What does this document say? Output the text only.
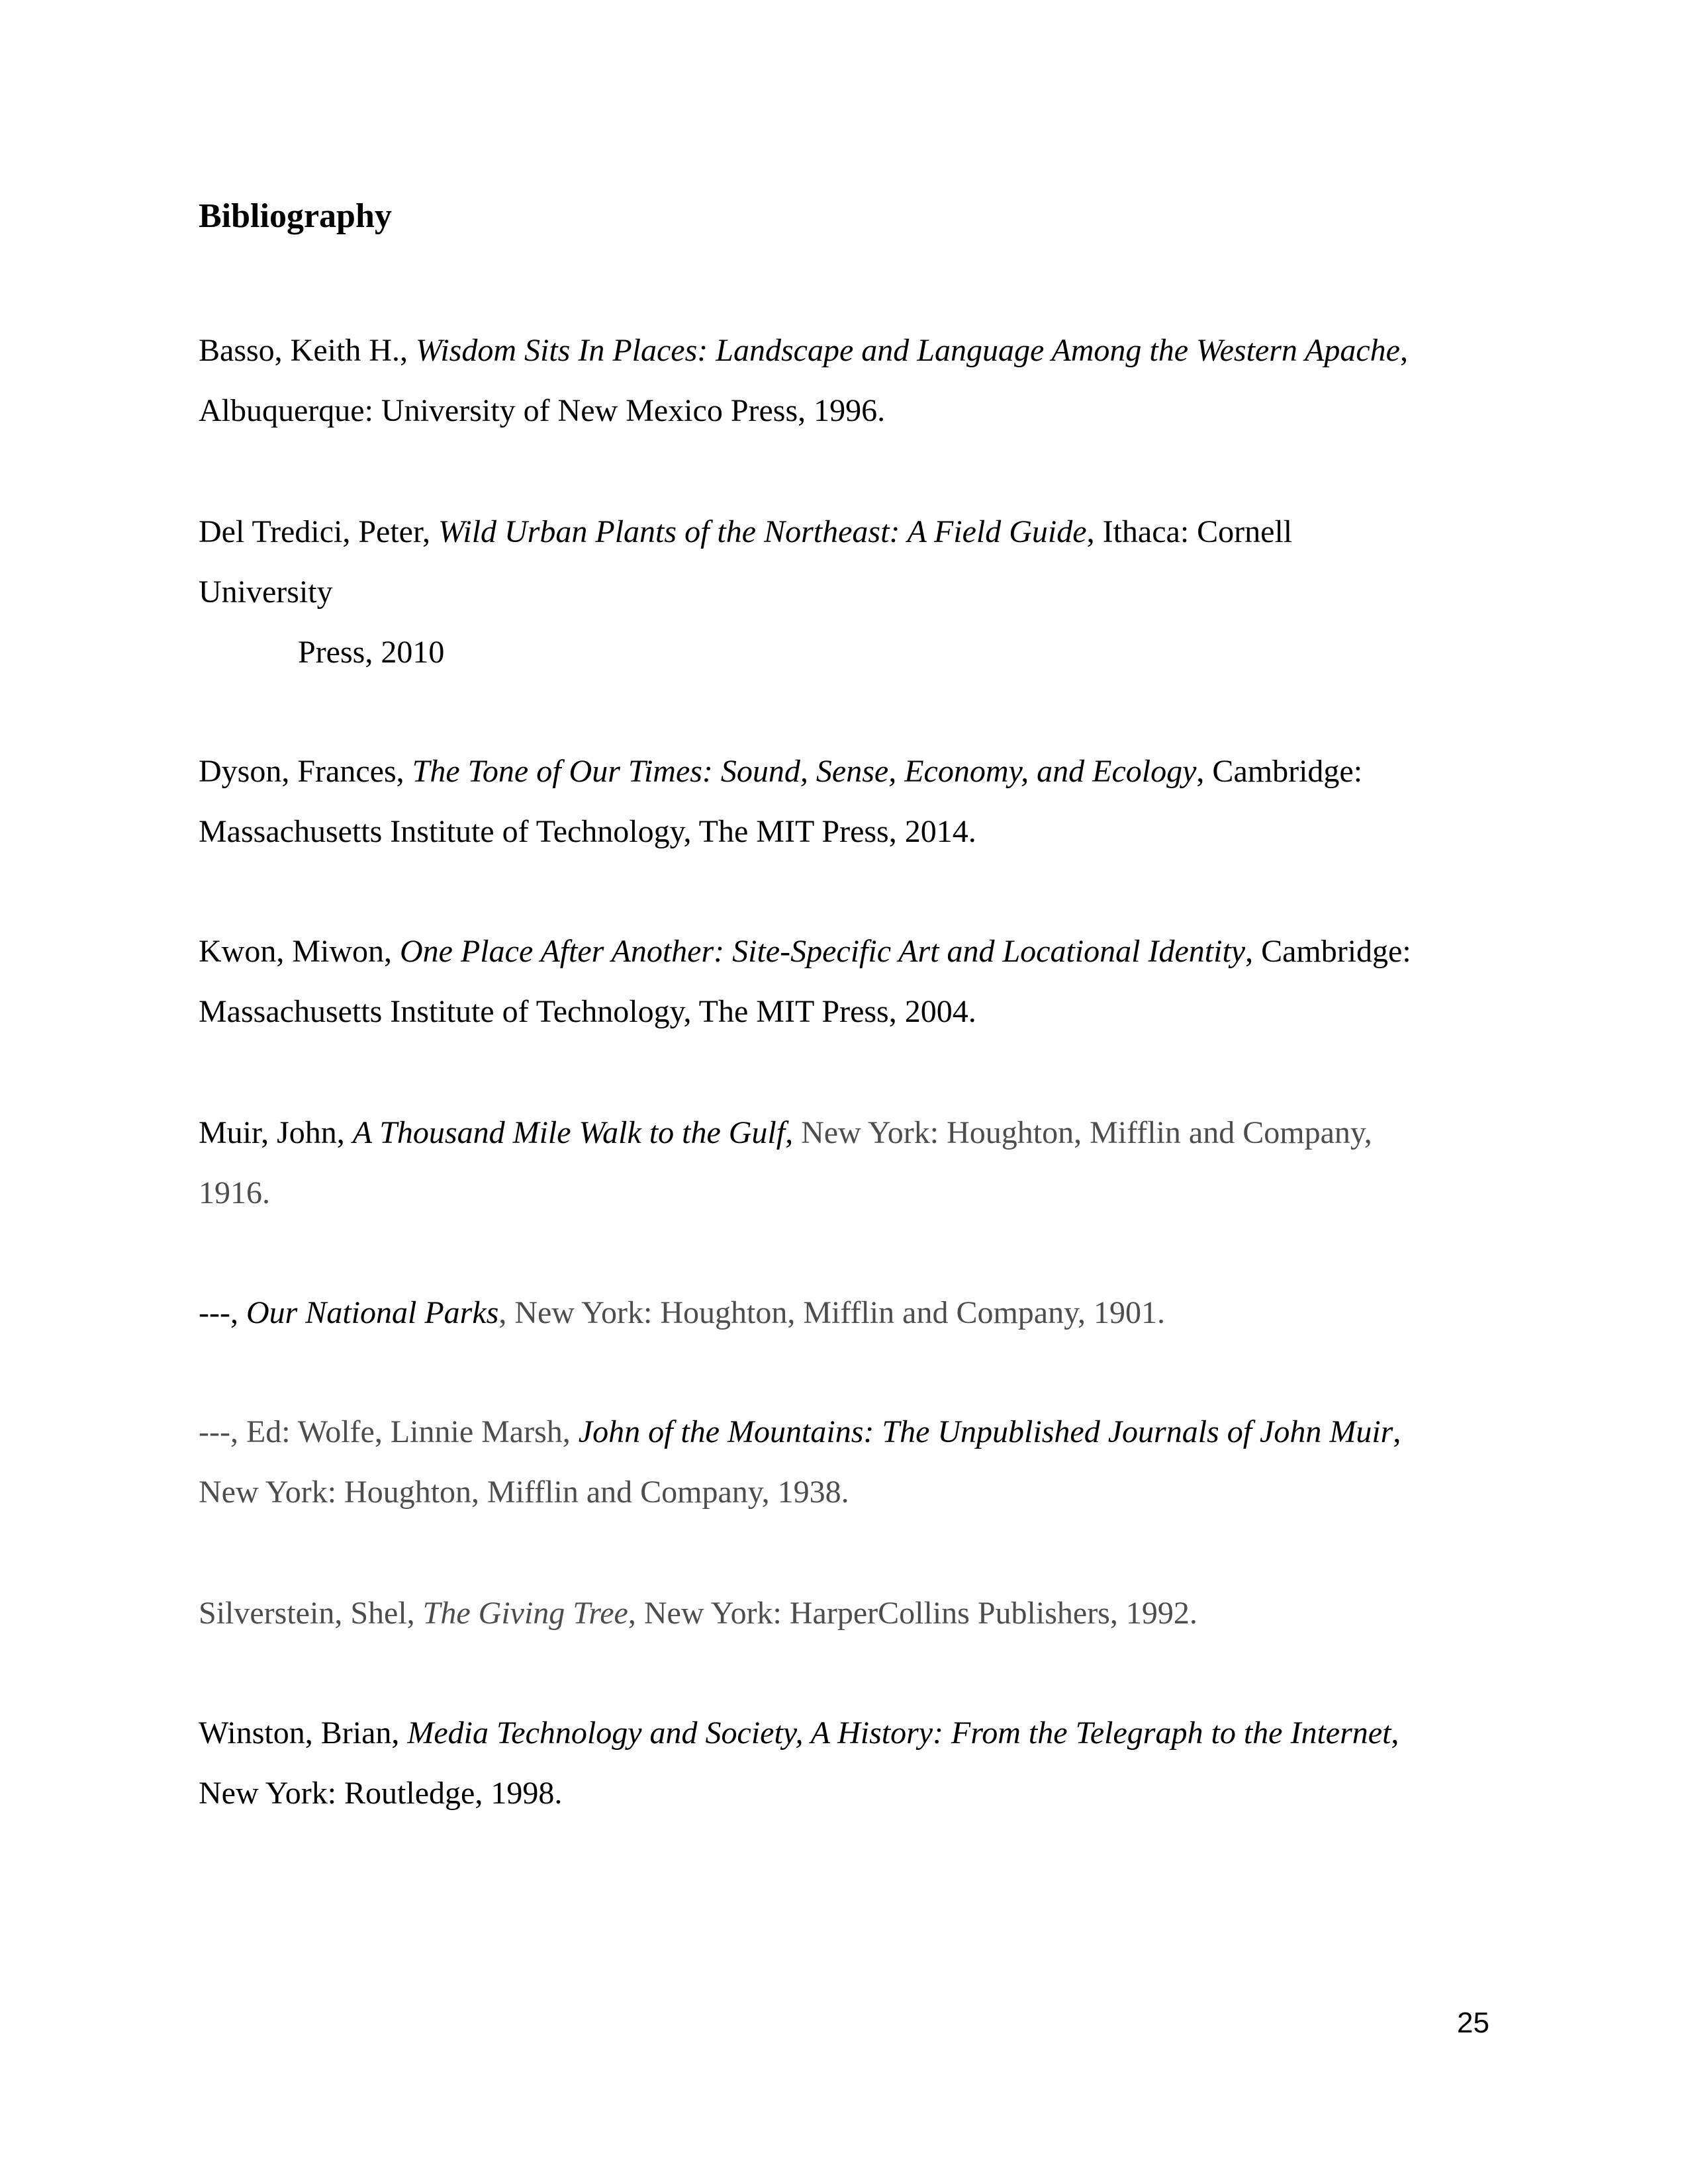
Bibliography

Basso, Keith H., Wisdom Sits In Places: Landscape and Language Among the Western Apache,
Albuquerque: University of New Mexico Press, 1996.

Del Tredici, Peter, Wild Urban Plants of the Northeast: A Field Guide, Ithaca: Cornell
University
Press, 2010

Dyson, Frances, The Tone of Our Times: Sound, Sense, Economy, and Ecology, Cambridge:
Massachusetts Institute of Technology, The MIT Press, 2014.

Kwon, Miwon, One Place After Another: Site-Specific Art and Locational Identity, Cambridge:
Massachusetts Institute of Technology, The MIT Press, 2004.

Muir, John, A Thousand Mile Walk to the Gulf, New York: Houghton, Mifflin and Company,
1916.

---, Our National Parks, New York: Houghton, Mifflin and Company, 1901.

---, Ed: Wolfe, Linnie Marsh, John of the Mountains: The Unpublished Journals of John Muir,
New York: Houghton, Mifflin and Company, 1938.

Silverstein, Shel, The Giving Tree, New York: HarperCollins Publishers, 1992.

Winston, Brian, Media Technology and Society, A History: From the Telegraph to the Internet,
New York: Routledge, 1998.

25
